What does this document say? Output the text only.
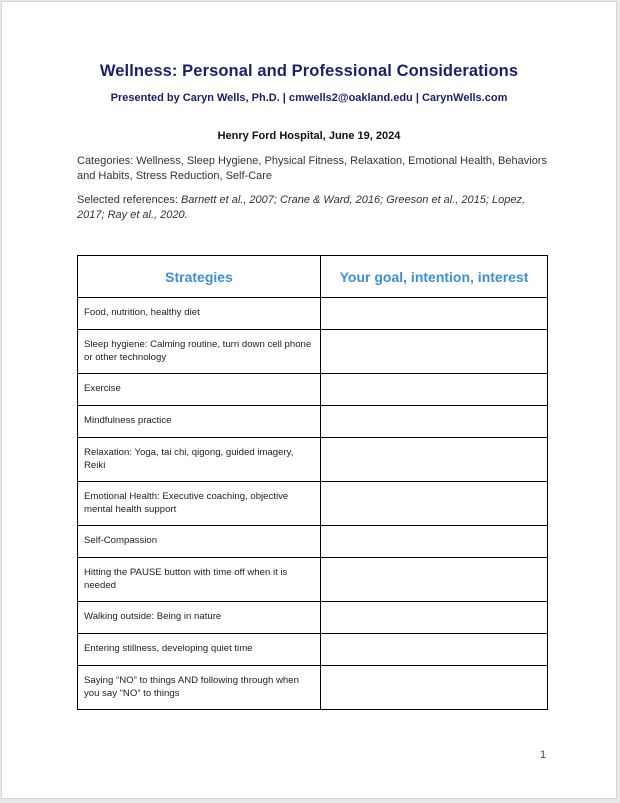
Wellness: Personal and Professional Considerations
Presented by Caryn Wells, Ph.D. | cmwells2@oakland.edu | CarynWells.com
Henry Ford Hospital, June 19, 2024
Categories: Wellness, Sleep Hygiene, Physical Fitness, Relaxation, Emotional Health, Behaviors and Habits, Stress Reduction, Self-Care
Selected references: Barnett et al., 2007; Crane & Ward, 2016; Greeson et al., 2015; Lopez, 2017; Ray et al., 2020.
Strategies	Your goal, intention, interest
Food, nutrition, healthy diet	
Sleep hygiene: Calming routine, turn down cell phone or other technology	
Exercise	
Mindfulness practice	
Relaxation: Yoga, tai chi, qigong, guided imagery, Reiki	
Emotional Health: Executive coaching, objective mental health support	
Self-Compassion	
Hitting the PAUSE button with time off when it is needed	
Walking outside: Being in nature	
Entering stillness, developing quiet time	
Saying “NO” to things AND following through when you say “NO” to things	
1
